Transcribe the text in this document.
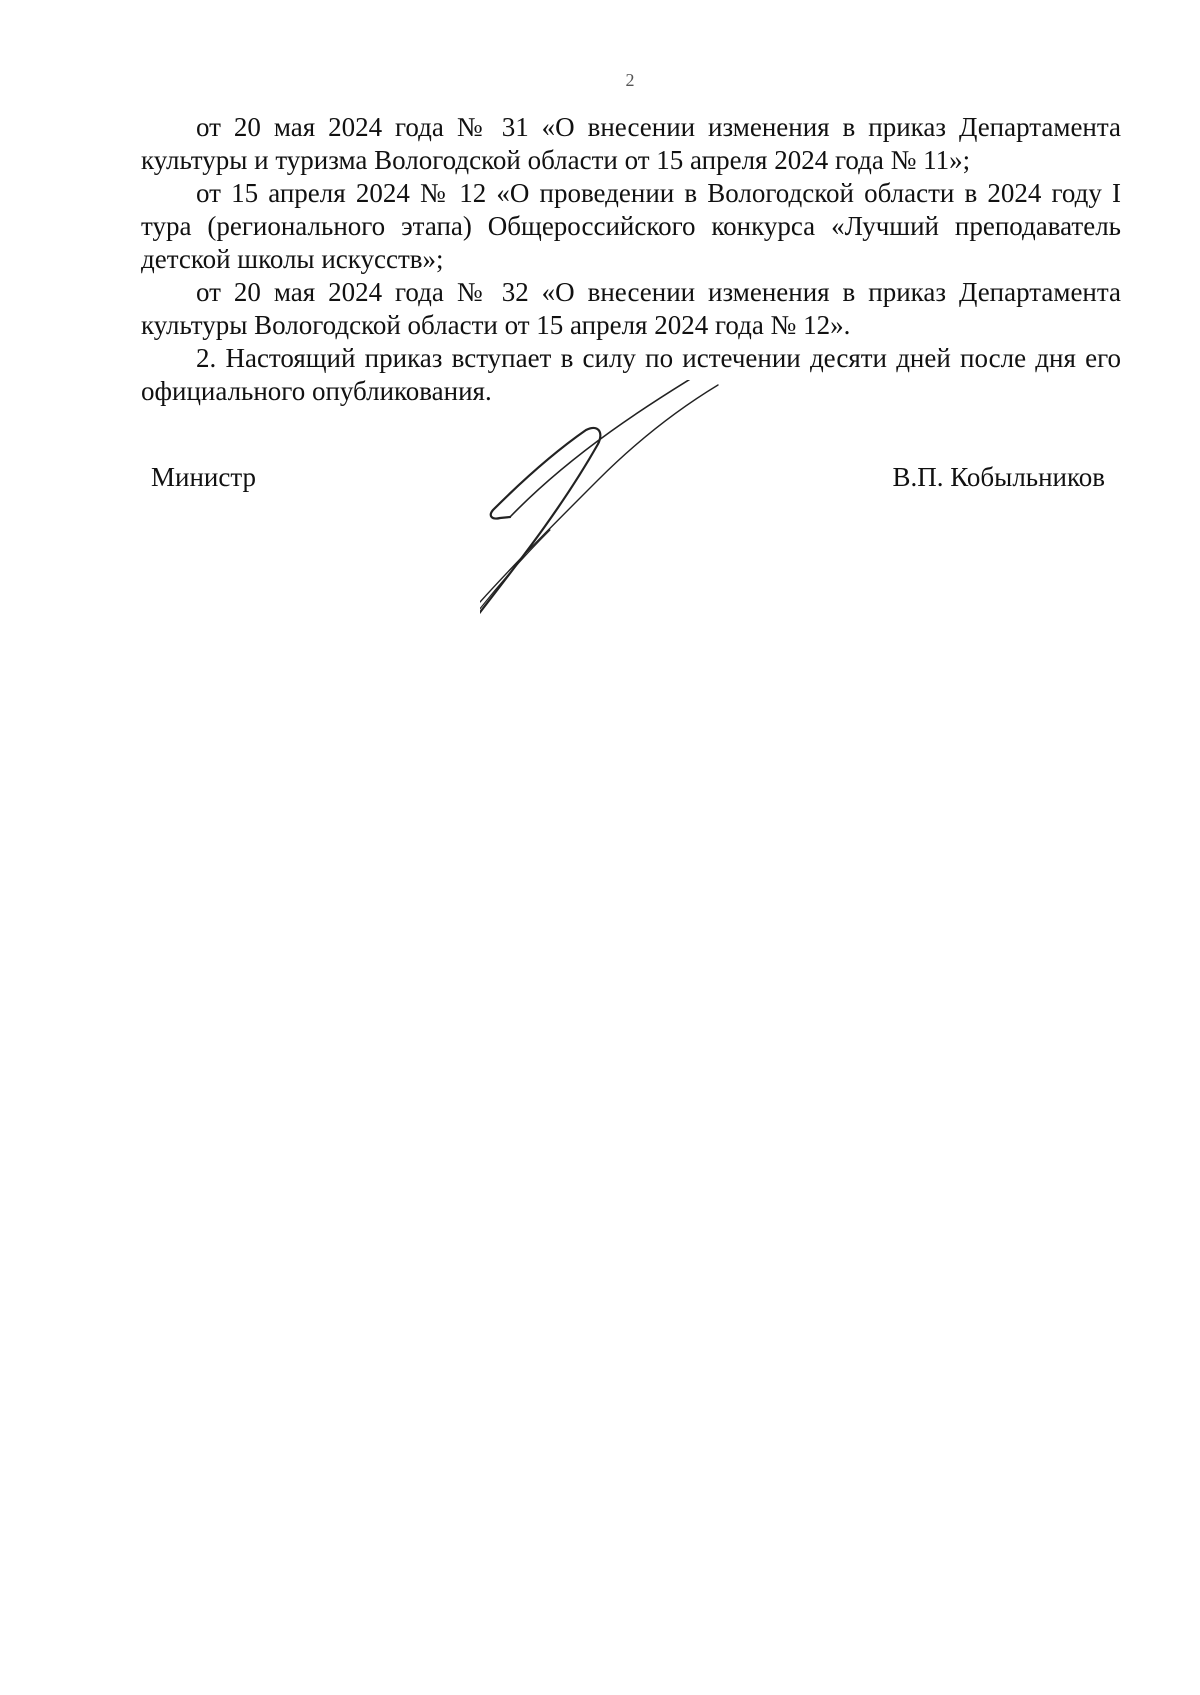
2

от 20 мая 2024 года № 31 «О внесении изменения в приказ Департамента культуры и туризма Вологодской области от 15 апреля 2024 года № 11»;

от 15 апреля 2024 № 12 «О проведении в Вологодской области в 2024 году I тура (регионального этапа) Общероссийского конкурса «Лучший преподаватель детской школы искусств»;

от 20 мая 2024 года № 32 «О внесении изменения в приказ Департамента культуры Вологодской области от 15 апреля 2024 года № 12».

2. Настоящий приказ вступает в силу по истечении десяти дней после дня его официального опубликования.

Министр	В.П. Кобыльников
